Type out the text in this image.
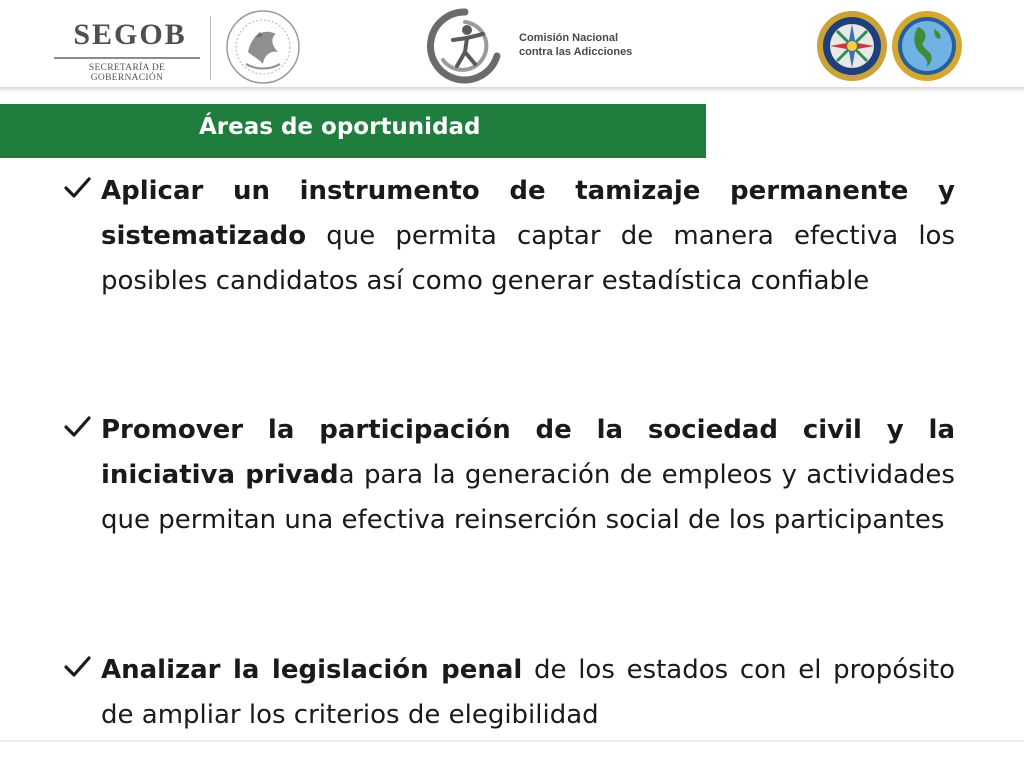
SEGOB
SECRETARÍA DE GOBERNACIÓN
Comisión Nacional
contra las Adicciones
Áreas de oportunidad
Aplicar un instrumento de tamizaje permanente y sistematizado que permita captar de manera efectiva los posibles candidatos así como generar estadística confiable
Promover la participación de la sociedad civil y la iniciativa privada para la generación de empleos y actividades que permitan una efectiva reinserción social de los participantes
Analizar la legislación penal de los estados con el propósito de ampliar los criterios de elegibilidad
